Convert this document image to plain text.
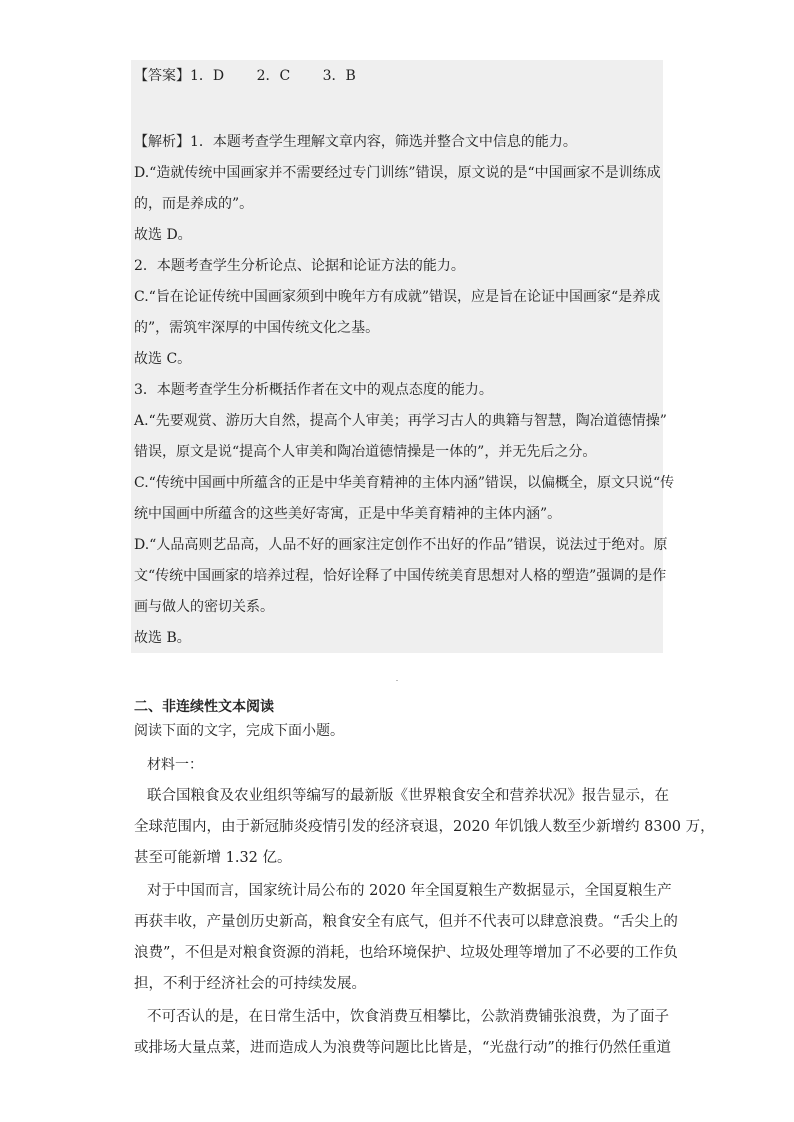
【答案】1．D　　 2．C　　 3．B
【解析】1．本题考查学生理解文章内容，筛选并整合文中信息的能力。
D.“造就传统中国画家并不需要经过专门训练”错误，原文说的是“中国画家不是训练成
的，而是养成的”。
故选 D。
2．本题考查学生分析论点、论据和论证方法的能力。
C.“旨在论证传统中国画家须到中晚年方有成就”错误，应是旨在论证中国画家“是养成
的”，需筑牢深厚的中国传统文化之基。
故选 C。
3．本题考查学生分析概括作者在文中的观点态度的能力。
A.“先要观赏、游历大自然，提高个人审美；再学习古人的典籍与智慧，陶冶道德情操”
错误，原文是说“提高个人审美和陶冶道德情操是一体的”，并无先后之分。
C.“传统中国画中所蕴含的正是中华美育精神的主体内涵”错误，以偏概全，原文只说“传
统中国画中所蕴含的这些美好寄寓，正是中华美育精神的主体内涵”。
D.“人品高则艺品高，人品不好的画家注定创作不出好的作品”错误，说法过于绝对。原
文“传统中国画家的培养过程，恰好诠释了中国传统美育思想对人格的塑造”强调的是作
画与做人的密切关系。
故选 B。
二、非连续性文本阅读
阅读下面的文字，完成下面小题。
材料一：
联合国粮食及农业组织等编写的最新版《世界粮食安全和营养状况》报告显示，在
全球范围内，由于新冠肺炎疫情引发的经济衰退，2020 年饥饿人数至少新增约 8300 万，
甚至可能新增 1.32 亿。
对于中国而言，国家统计局公布的 2020 年全国夏粮生产数据显示，全国夏粮生产
再获丰收，产量创历史新高，粮食安全有底气，但并不代表可以肆意浪费。“舌尖上的
浪费”，不但是对粮食资源的消耗，也给环境保护、垃圾处理等增加了不必要的工作负
担，不利于经济社会的可持续发展。
不可否认的是，在日常生活中，饮食消费互相攀比，公款消费铺张浪费，为了面子
或排场大量点菜，进而造成人为浪费等问题比比皆是，“光盘行动”的推行仍然任重道
